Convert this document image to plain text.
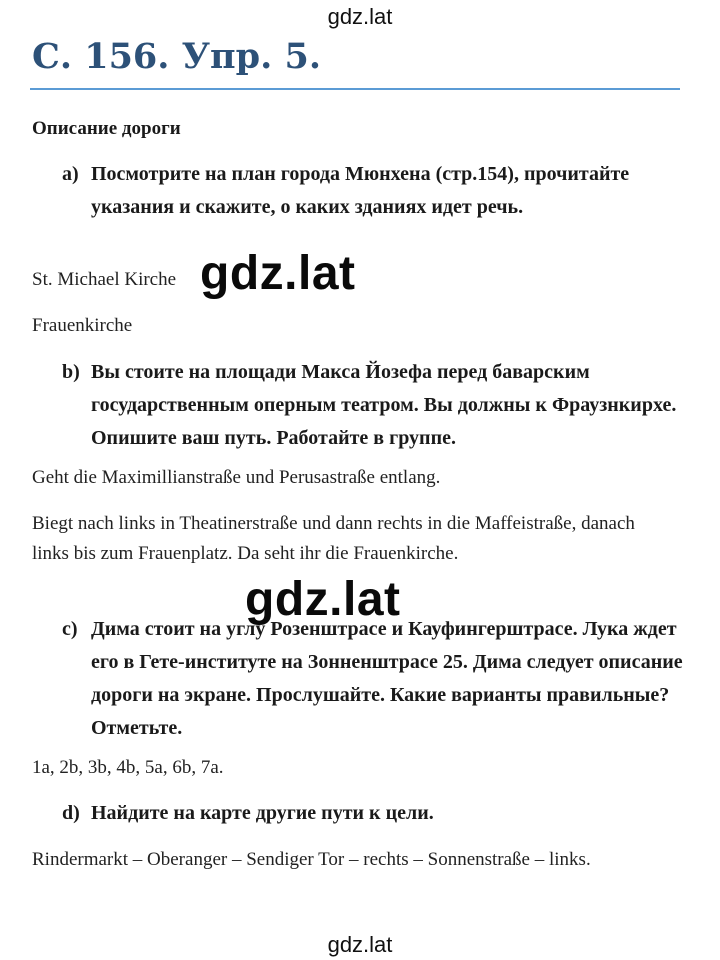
gdz.lat
С. 156. Упр. 5.
Описание дороги
a) Посмотрите на план города Мюнхена (стр.154), прочитайте указания и скажите, о каких зданиях идет речь.
St. Michael Kirche
Frauenkirche
gdz.lat
b) Вы стоите на площади Макса Йозефа перед баварским государственным оперным театром. Вы должны к Фраузнкирхе. Опишите ваш путь. Работайте в группе.
Geht die Maximillianstraße und Perusastraße entlang.
Biegt nach links in Theatinerstraße und dann rechts in die Maffeistraße, danach links bis zum Frauenplatz. Da seht ihr die Frauenkirche.
gdz.lat
c) Дима стоит на углу Розенштрасе и Кауфингерштрасе. Лука ждет его в Гете-институте на Зонненштрасе 25. Дима следует описание дороги на экране. Прослушайте. Какие варианты правильные? Отметьте.
1a, 2b, 3b, 4b, 5a, 6b, 7a.
d) Найдите на карте другие пути к цели.
Rindermarkt – Oberanger – Sendiger Tor – rechts – Sonnenstraße – links.
gdz.lat
